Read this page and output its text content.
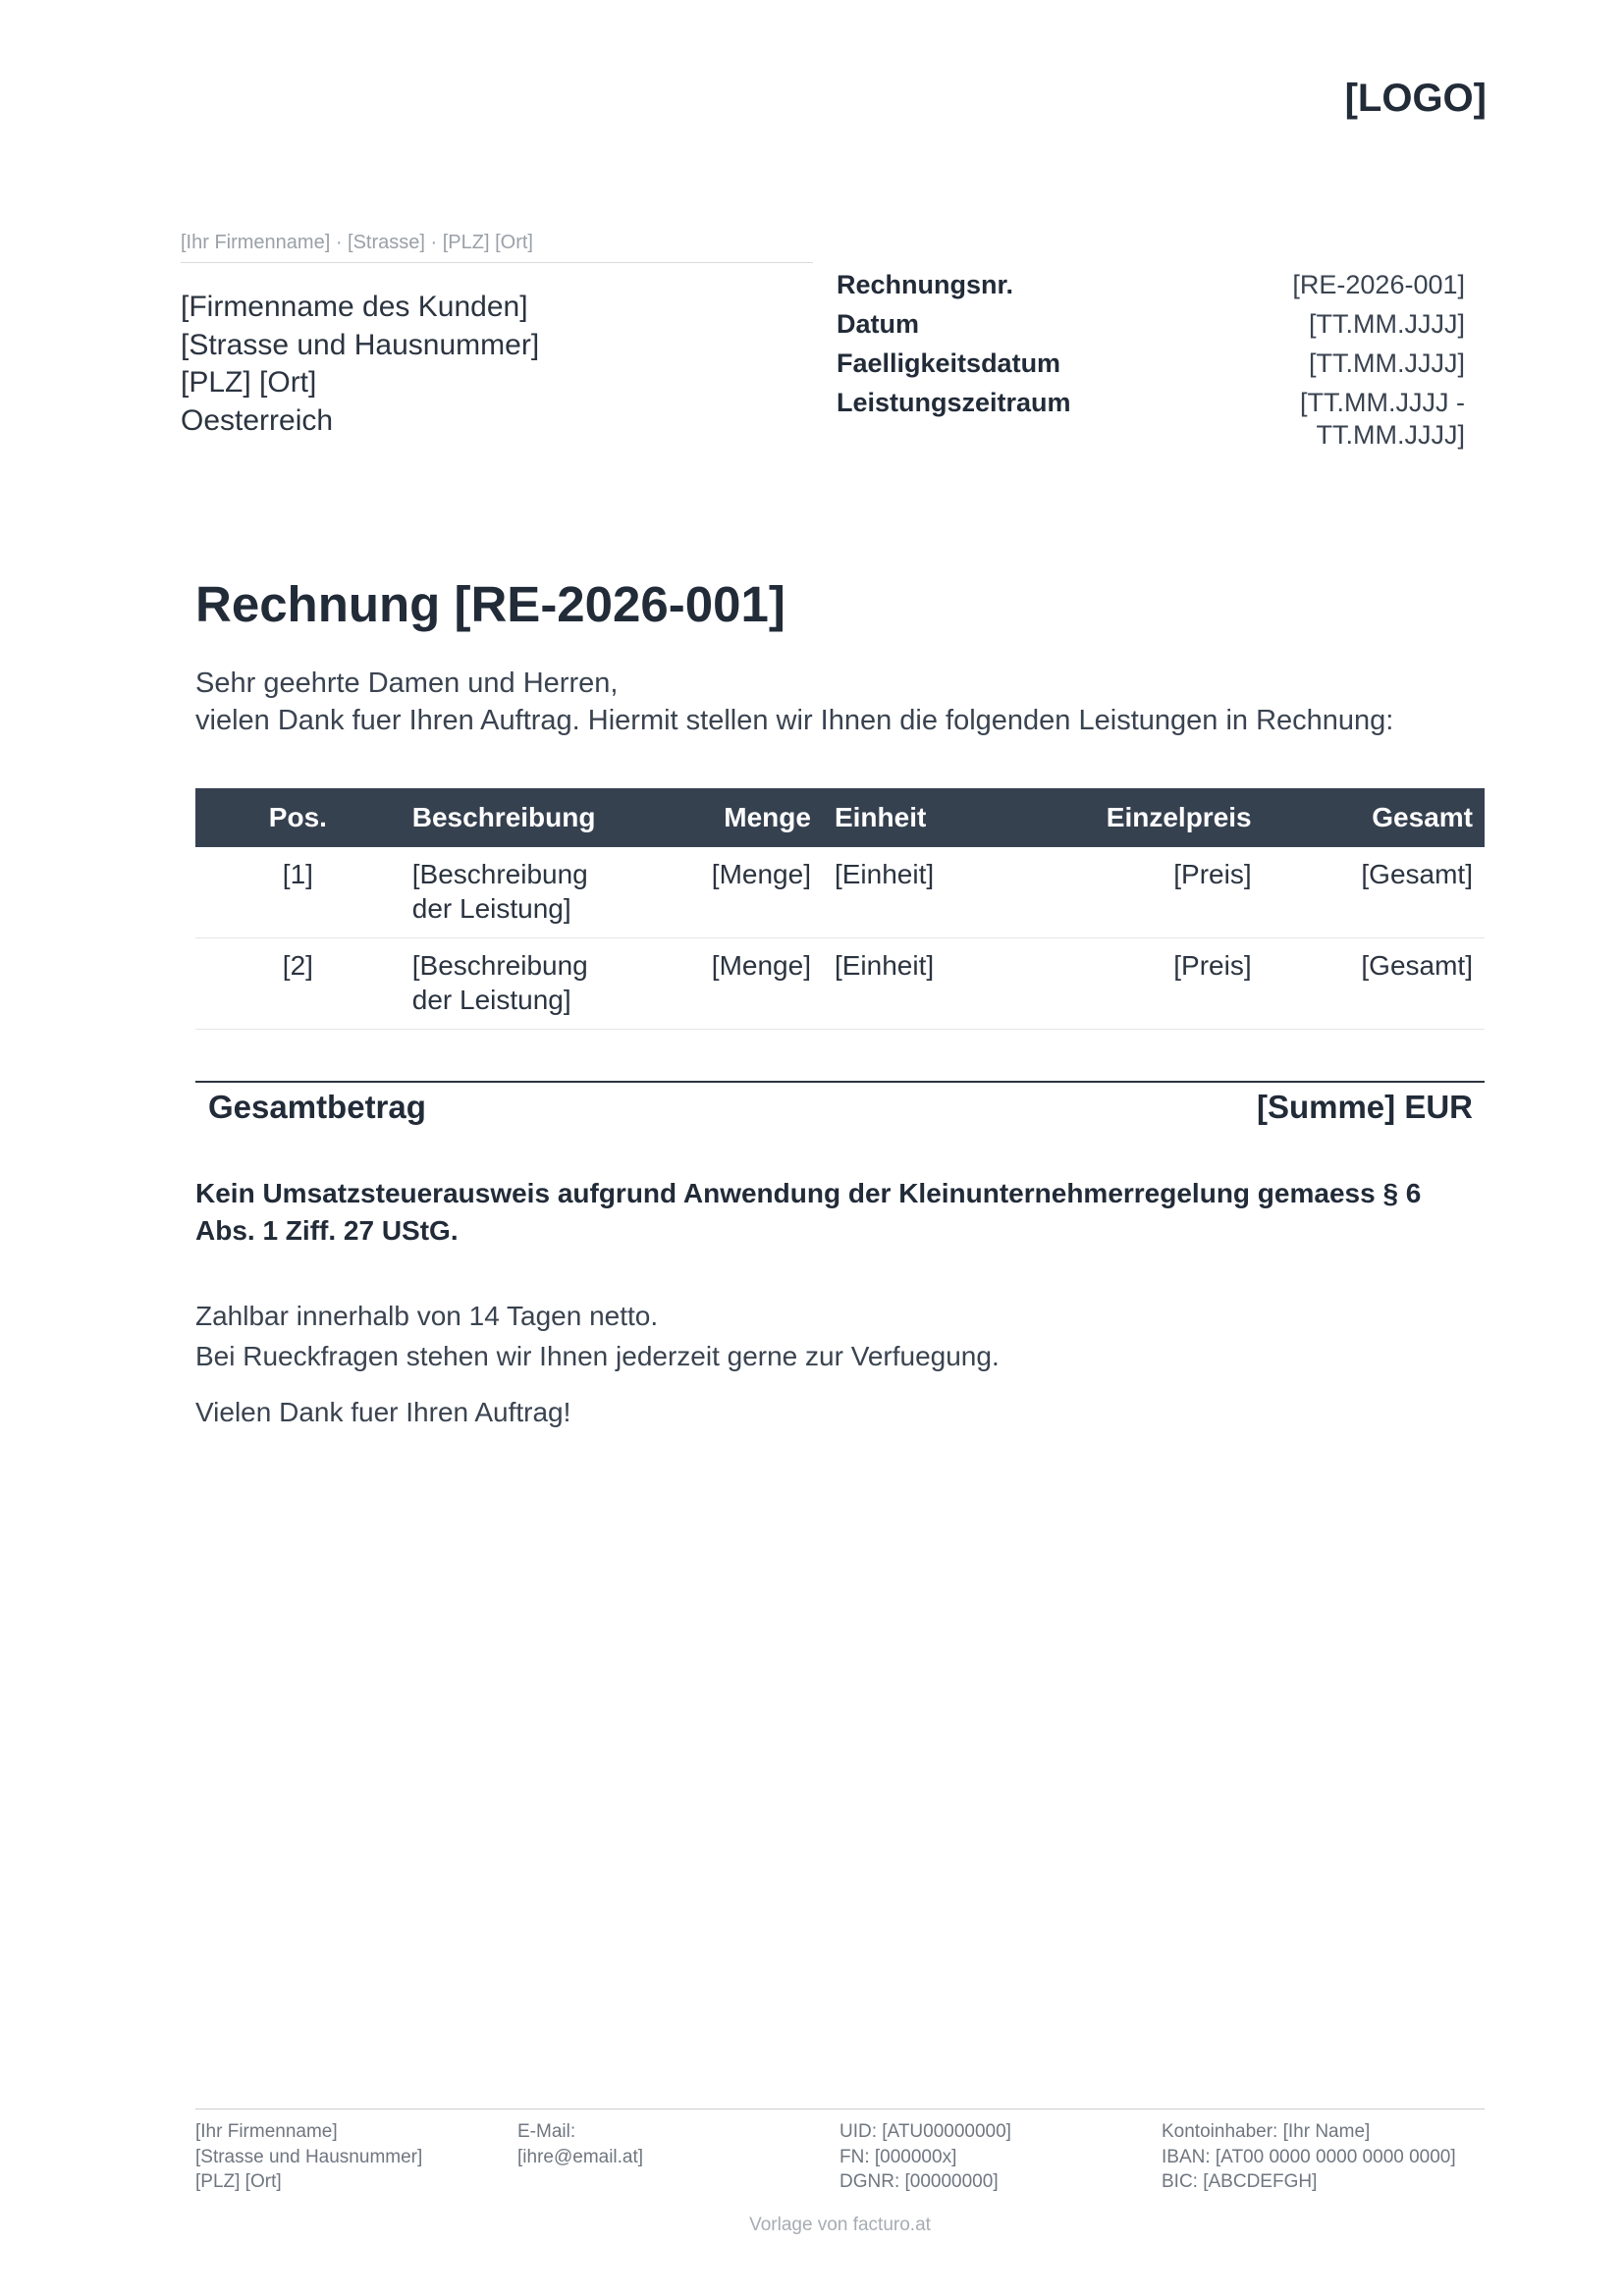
[LOGO]
[Ihr Firmenname] · [Strasse] · [PLZ] [Ort]
[Firmenname des Kunden]
[Strasse und Hausnummer]
[PLZ] [Ort]
Oesterreich
Rechnungsnr.	[RE-2026-001]
Datum	[TT.MM.JJJJ]
Faelligkeitsdatum	[TT.MM.JJJJ]
Leistungszeitraum	[TT.MM.JJJJ -
TT.MM.JJJJ]
Rechnung [RE-2026-001]
Sehr geehrte Damen und Herren,
vielen Dank fuer Ihren Auftrag. Hiermit stellen wir Ihnen die folgenden Leistungen in Rechnung:
Pos.	Beschreibung	Menge	Einheit	Einzelpreis	Gesamt
[1]	[Beschreibung
der Leistung]	[Menge]	[Einheit]	[Preis]	[Gesamt]
[2]	[Beschreibung
der Leistung]	[Menge]	[Einheit]	[Preis]	[Gesamt]
Gesamtbetrag	[Summe] EUR
Kein Umsatzsteuerausweis aufgrund Anwendung der Kleinunternehmerregelung gemaess § 6
Abs. 1 Ziff. 27 UStG.
Zahlbar innerhalb von 14 Tagen netto.
Bei Rueckfragen stehen wir Ihnen jederzeit gerne zur Verfuegung.
Vielen Dank fuer Ihren Auftrag!
[Ihr Firmenname]
[Strasse und Hausnummer]
[PLZ] [Ort]
E-Mail:
[ihre@email.at]
UID: [ATU00000000]
FN: [000000x]
DGNR: [00000000]
Kontoinhaber: [Ihr Name]
IBAN: [AT00 0000 0000 0000 0000]
BIC: [ABCDEFGH]
Vorlage von facturo.at
